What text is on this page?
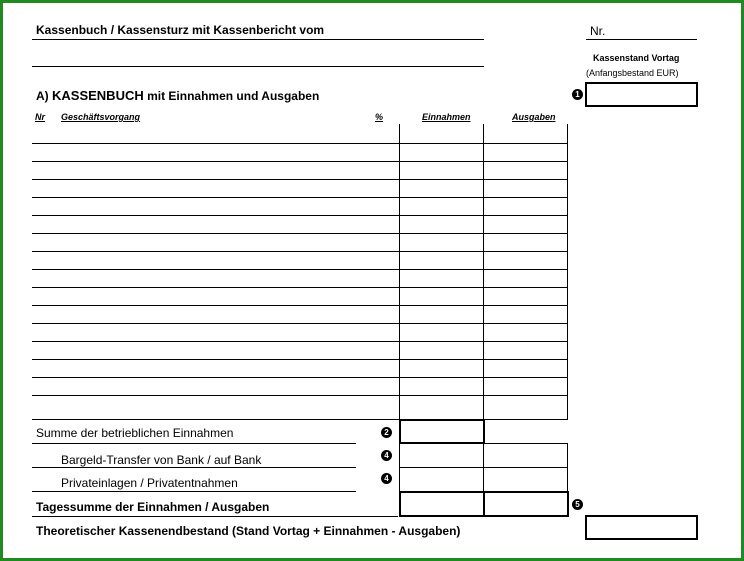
Kassenbuch / Kassensturz mit Kassenbericht vom	Nr.
Kassenstand Vortag
(Anfangsbestand EUR)
1
A) KASSENBUCH mit Einnahmen und Ausgaben
Nr Geschäftsvorgang	%	Einnahmen	Ausgaben
Summe der betrieblichen Einnahmen	2
Bargeld-Transfer von Bank / auf Bank	4
Privateinlagen / Privatentnahmen	4
Tagessumme der Einnahmen / Ausgaben	5
Theoretischer Kassenendbestand (Stand Vortag + Einnahmen - Ausgaben)
